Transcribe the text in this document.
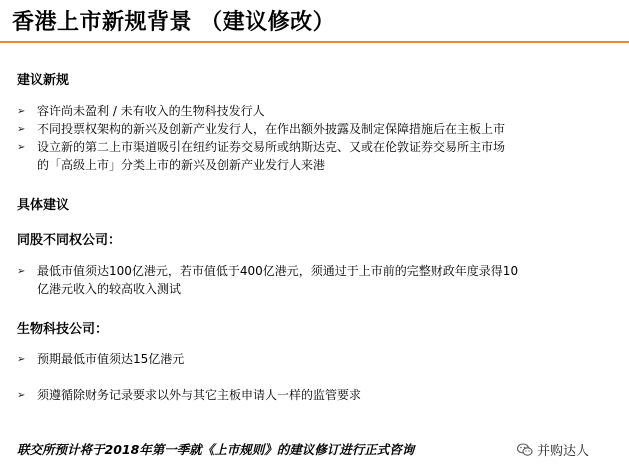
香港上市新规背景 （建议修改）
建议新规
➢ 容许尚未盈利 / 未有收入的生物科技发行人
➢ 不同投票权架构的新兴及创新产业发行人，在作出额外披露及制定保障措施后在主板上市
➢ 设立新的第二上市渠道吸引在纽约证券交易所或纳斯达克、又或在伦敦证券交易所主市场
的「高级上市」分类上市的新兴及创新产业发行人来港
具体建议
同股不同权公司：
➢ 最低市值须达100亿港元，若市值低于400亿港元，须通过于上市前的完整财政年度录得10
亿港元收入的较高收入测试
生物科技公司：
➢ 预期最低市值须达15亿港元
➢ 须遵循除财务记录要求以外与其它主板申请人一样的监管要求
联交所预计将于2018年第一季就《上市规则》的建议修订进行正式咨询	并购达人
